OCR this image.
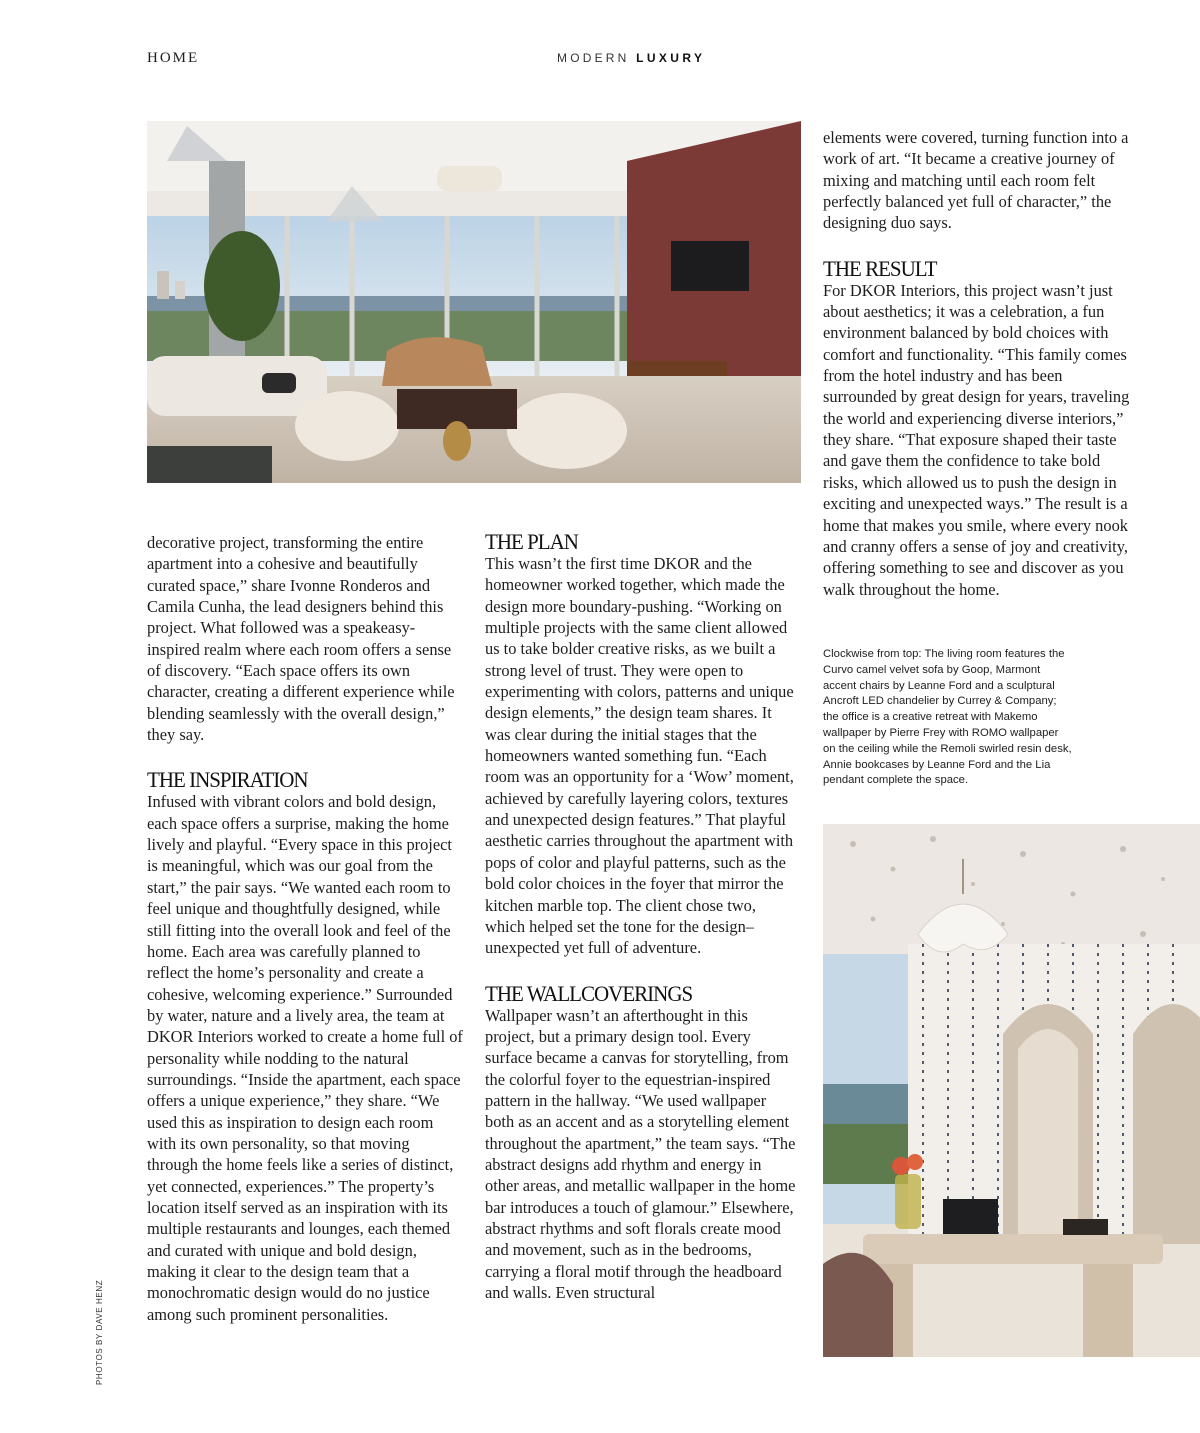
HOME	MODERN LUXURY

decorative project, transforming the entire apartment into a cohesive and beautifully curated space,” share Ivonne Ronderos and Camila Cunha, the lead designers behind this project. What followed was a speakeasy-inspired realm where each room offers a sense of discovery. “Each space offers its own character, creating a different experience while blending seamlessly with the overall design,” they say.

THE INSPIRATION

Infused with vibrant colors and bold design, each space offers a surprise, making the home lively and playful. “Every space in this project is meaningful, which was our goal from the start,” the pair says. “We wanted each room to feel unique and thoughtfully designed, while still fitting into the overall look and feel of the home. Each area was carefully planned to reflect the home’s personality and create a cohesive, welcoming experience.” Surrounded by water, nature and a lively area, the team at DKOR Interiors worked to create a home full of personality while nodding to the natural surroundings. “Inside the apartment, each space offers a unique experience,” they share. “We used this as inspiration to design each room with its own personality, so that moving through the home feels like a series of distinct, yet connected, experiences.” The property’s location itself served as an inspiration with its multiple restaurants and lounges, each themed and curated with unique and bold design, making it clear to the design team that a monochromatic design would do no justice among such prominent personalities.

THE PLAN

This wasn’t the first time DKOR and the homeowner worked together, which made the design more boundary-pushing. “Working on multiple projects with the same client allowed us to take bolder creative risks, as we built a strong level of trust. They were open to experimenting with colors, patterns and unique design elements,” the design team shares. It was clear during the initial stages that the homeowners wanted something fun. “Each room was an opportunity for a ‘Wow’ moment, achieved by carefully layering colors, textures and unexpected design features.” That playful aesthetic carries throughout the apartment with pops of color and playful patterns, such as the bold color choices in the foyer that mirror the kitchen marble top. The client chose two, which helped set the tone for the design–unexpected yet full of adventure.

THE WALLCOVERINGS

Wallpaper wasn’t an afterthought in this project, but a primary design tool. Every surface became a canvas for storytelling, from the colorful foyer to the equestrian-inspired pattern in the hallway. “We used wallpaper both as an accent and as a storytelling element throughout the apartment,” the team says. “The abstract designs add rhythm and energy in other areas, and metallic wallpaper in the home bar introduces a touch of glamour.” Elsewhere, abstract rhythms and soft florals create mood and movement, such as in the bedrooms, carrying a floral motif through the headboard and walls. Even structural

elements were covered, turning function into a work of art. “It became a creative journey of mixing and matching until each room felt perfectly balanced yet full of character,” the designing duo says.

THE RESULT

For DKOR Interiors, this project wasn’t just about aesthetics; it was a celebration, a fun environment balanced by bold choices with comfort and functionality. “This family comes from the hotel industry and has been surrounded by great design for years, traveling the world and experiencing diverse interiors,” they share. “That exposure shaped their taste and gave them the confidence to take bold risks, which allowed us to push the design in exciting and unexpected ways.” The result is a home that makes you smile, where every nook and cranny offers a sense of joy and creativity, offering something to see and discover as you walk throughout the home.

Clockwise from top: The living room features the Curvo camel velvet sofa by Goop, Marmont accent chairs by Leanne Ford and a sculptural Ancroft LED chandelier by Currey & Company; the office is a creative retreat with Makemo wallpaper by Pierre Frey with ROMO wallpaper on the ceiling while the Remoli swirled resin desk, Annie bookcases by Leanne Ford and the Lia pendant complete the space.
PHOTOS BY DAVE HENZ
